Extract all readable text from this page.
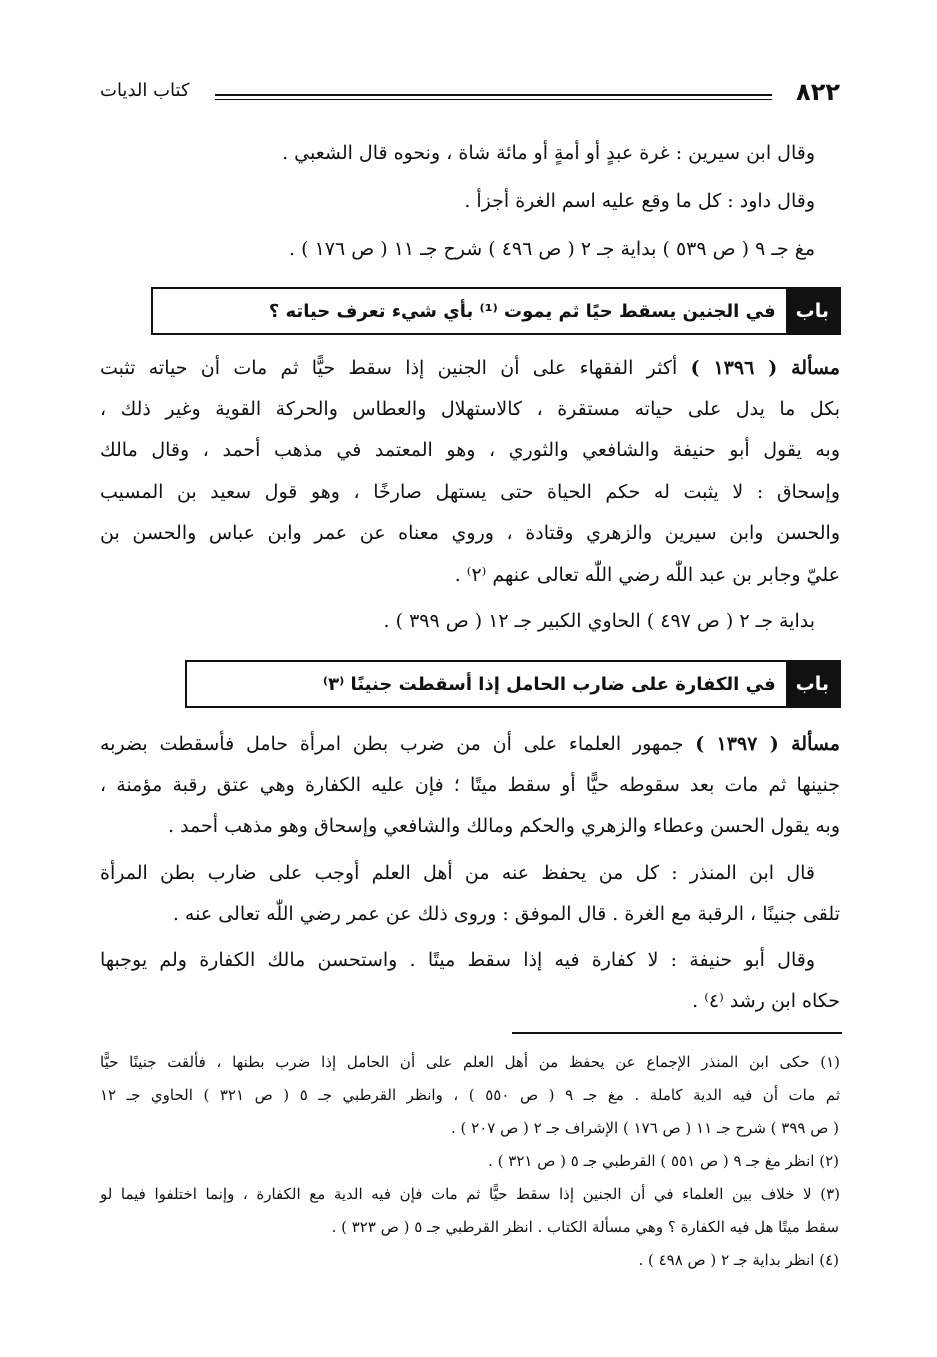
٨٢٢
كتاب الديات
وقال ابن سيرين : غرة عبدٍ أو أمةٍ أو مائة شاة ، ونحوه قال الشعبي .
وقال داود : كل ما وقع عليه اسم الغرة أجزأ .
مغ جـ ٩ ( ص ٥٣٩ ) بداية جـ ٢ ( ص ٤٩٦ ) شرح جـ ١١ ( ص ١٧٦ ) .
باب
في الجنين يسقط حيًا ثم يموت ⁽¹⁾ بأي شيء تعرف حياته ؟
مسألة ( ١٣٩٦ ) أكثر الفقهاء على أن الجنين إذا سقط حيًّا ثم مات أن حياته تثبت
بكل ما يدل على حياته مستقرة ، كالاستهلال والعطاس والحركة القوية وغير ذلك ،
وبه يقول أبو حنيفة والشافعي والثوري ، وهو المعتمد في مذهب أحمد ، وقال مالك
وإسحاق : لا يثبت له حكم الحياة حتى يستهل صارخًا ، وهو قول سعيد بن المسيب
والحسن وابن سيرين والزهري وقتادة ، وروي معناه عن عمر وابن عباس والحسن بن
عليّ وجابر بن عبد اللّٰه رضي اللّٰه تعالى عنهم ⁽٢⁾ .
بداية جـ ٢ ( ص ٤٩٧ ) الحاوي الكبير جـ ١٢ ( ص ٣٩٩ ) .
باب
في الكفارة على ضارب الحامل إذا أسقطت جنينًا ⁽٣⁾
مسألة ( ١٣٩٧ ) جمهور العلماء على أن من ضرب بطن امرأة حامل فأسقطت بضربه
جنينها ثم مات بعد سقوطه حيًّا أو سقط ميتًا ؛ فإن عليه الكفارة وهي عتق رقبة مؤمنة ،
وبه يقول الحسن وعطاء والزهري والحكم ومالك والشافعي وإسحاق وهو مذهب أحمد .
قال ابن المنذر : كل من يحفظ عنه من أهل العلم أوجب على ضارب بطن المرأة
تلقى جنينًا ، الرقبة مع الغرة . قال الموفق : وروى ذلك عن عمر رضي اللّٰه تعالى عنه .
وقال أبو حنيفة : لا كفارة فيه إذا سقط ميتًا . واستحسن مالك الكفارة ولم يوجبها
حكاه ابن رشد ⁽٤⁾ .
(١) حكى ابن المنذر الإجماع عن يحفظ من أهل العلم على أن الحامل إذا ضرب بطنها ، فألقت جنينًا حيًّا
ثم مات أن فيه الدية كاملة . مغ جـ ٩ ( ص ٥٥٠ ) ، وانظر القرطبي جـ ٥ ( ص ٣٢١ ) الحاوي جـ ١٢
( ص ٣٩٩ ) شرح جـ ١١ ( ص ١٧٦ ) الإشراف جـ ٢ ( ص ٢٠٧ ) .
(٢) انظر مغ جـ ٩ ( ص ٥٥١ ) القرطبي جـ ٥ ( ص ٣٢١ ) .
(٣) لا خلاف بين العلماء في أن الجنين إذا سقط حيًّا ثم مات فإن فيه الدية مع الكفارة ، وإنما اختلفوا فيما لو
سقط ميتًا هل فيه الكفارة ؟ وهي مسألة الكتاب . انظر القرطبي جـ ٥ ( ص ٣٢٣ ) .
(٤) انظر بداية جـ ٢ ( ص ٤٩٨ ) .
